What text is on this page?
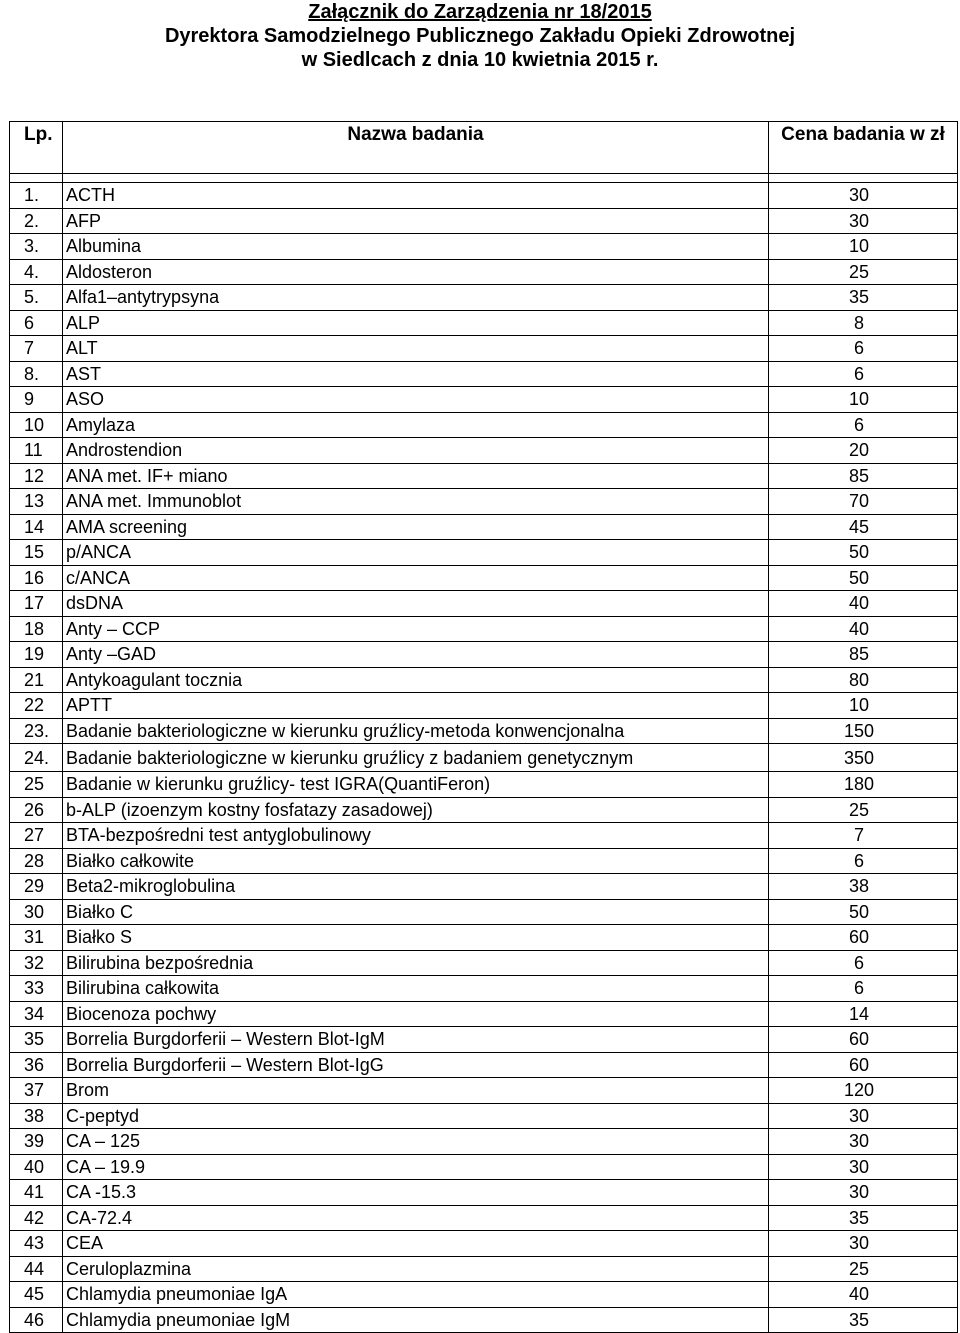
Załącznik do Zarządzenia nr 18/2015
Dyrektora Samodzielnego Publicznego Zakładu Opieki Zdrowotnej
w Siedlcach z dnia 10 kwietnia 2015 r.
Lp.	Nazwa badania	Cena badania w zł

1.	ACTH	30
2.	AFP	30
3.	Albumina	10
4.	Aldosteron	25
5.	Alfa1–antytrypsyna	35
6	ALP	8
7	ALT	6
8.	AST	6
9	ASO	10
10	Amylaza	6
11	Androstendion	20
12	ANA met. IF+ miano	85
13	ANA met. Immunoblot	70
14	AMA screening	45
15	p/ANCA	50
16	c/ANCA	50
17	dsDNA	40
18	Anty – CCP	40
19	Anty –GAD	85
21	Antykoagulant tocznia	80
22	APTT	10
23.	Badanie bakteriologiczne w kierunku gruźlicy-metoda konwencjonalna	150
24.	Badanie bakteriologiczne w kierunku gruźlicy z badaniem genetycznym	350
25	Badanie w kierunku gruźlicy- test IGRA(QuantiFeron)	180
26	b-ALP (izoenzym kostny fosfatazy zasadowej)	25
27	BTA-bezpośredni test antyglobulinowy	7
28	Białko całkowite	6
29	Beta2-mikroglobulina	38
30	Białko C	50
31	Białko S	60
32	Bilirubina bezpośrednia	6
33	Bilirubina całkowita	6
34	Biocenoza pochwy	14
35	Borrelia Burgdorferii – Western Blot-IgM	60
36	Borrelia Burgdorferii – Western Blot-IgG	60
37	Brom	120
38	C-peptyd	30
39	CA – 125	30
40	CA – 19.9	30
41	CA -15.3	30
42	CA-72.4	35
43	CEA	30
44	Ceruloplazmina	25
45	Chlamydia pneumoniae IgA	40
46	Chlamydia pneumoniae IgM	35
